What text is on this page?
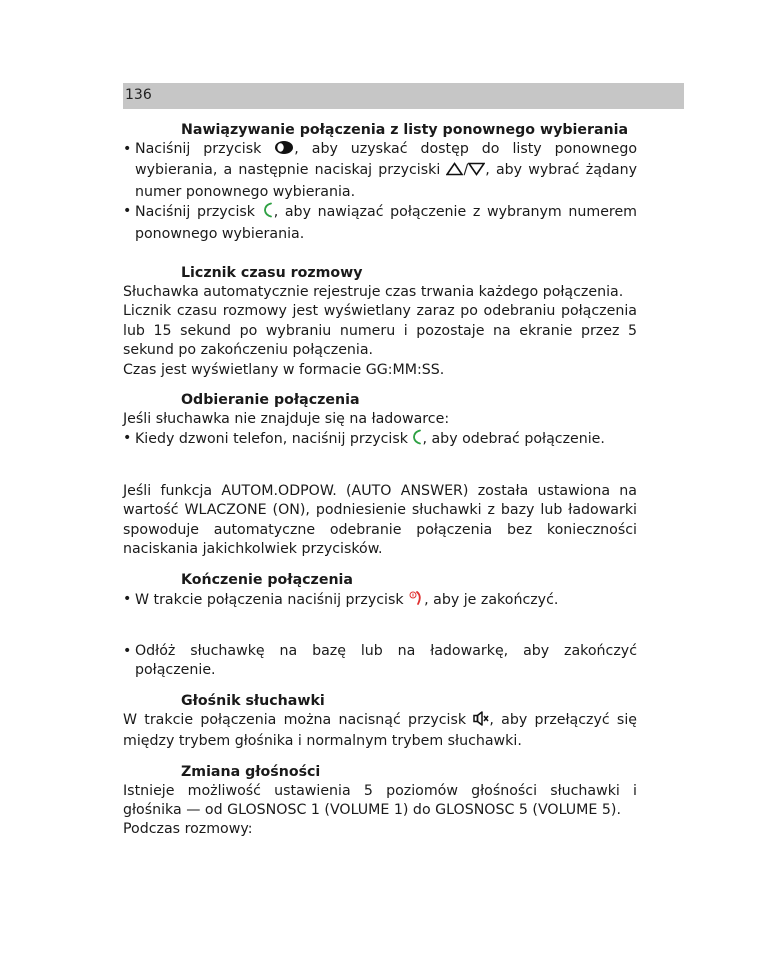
136
Nawiązywanie połączenia z listy ponownego wybierania
• Naciśnij przycisk , aby uzyskać dostęp do listy ponownego wybierania, a następnie naciskaj przyciski / , aby wybrać żądany numer ponownego wybierania.
• Naciśnij przycisk , aby nawiązać połączenie z wybranym numerem ponownego wybierania.
Licznik czasu rozmowy

Słuchawka automatycznie rejestruje czas trwania każdego połączenia.

Licznik czasu rozmowy jest wyświetlany zaraz po odebraniu połączenia lub 15 sekund po wybraniu numeru i pozostaje na ekranie przez 5 sekund po zakończeniu połączenia.

Czas jest wyświetlany w formacie GG:MM:SS.

Odbieranie połączenia

Jeśli słuchawka nie znajduje się na ładowarce:

• Kiedy dzwoni telefon, naciśnij przycisk , aby odebrać połączenie.

Jeśli funkcja AUTOM.ODPOW. (AUTO ANSWER) została ustawiona na wartość WLACZONE (ON), podniesienie słuchawki z bazy lub ładowarki spowoduje automatyczne odebranie połączenia bez konieczności naciskania jakichkolwiek przycisków.

Kończenie połączenia
• W trakcie połączenia naciśnij przycisk , aby je zakończyć.
• Odłóż słuchawkę na bazę lub na ładowarkę, aby zakończyć połączenie.
Głośnik słuchawki

W trakcie połączenia można nacisnąć przycisk , aby przełączyć się między trybem głośnika i normalnym trybem słuchawki.

Zmiana głośności

Istnieje możliwość ustawienia 5 poziomów głośności słuchawki i głośnika — od GLOSNOSC 1 (VOLUME 1) do GLOSNOSC 5 (VOLUME 5).

Podczas rozmowy:
